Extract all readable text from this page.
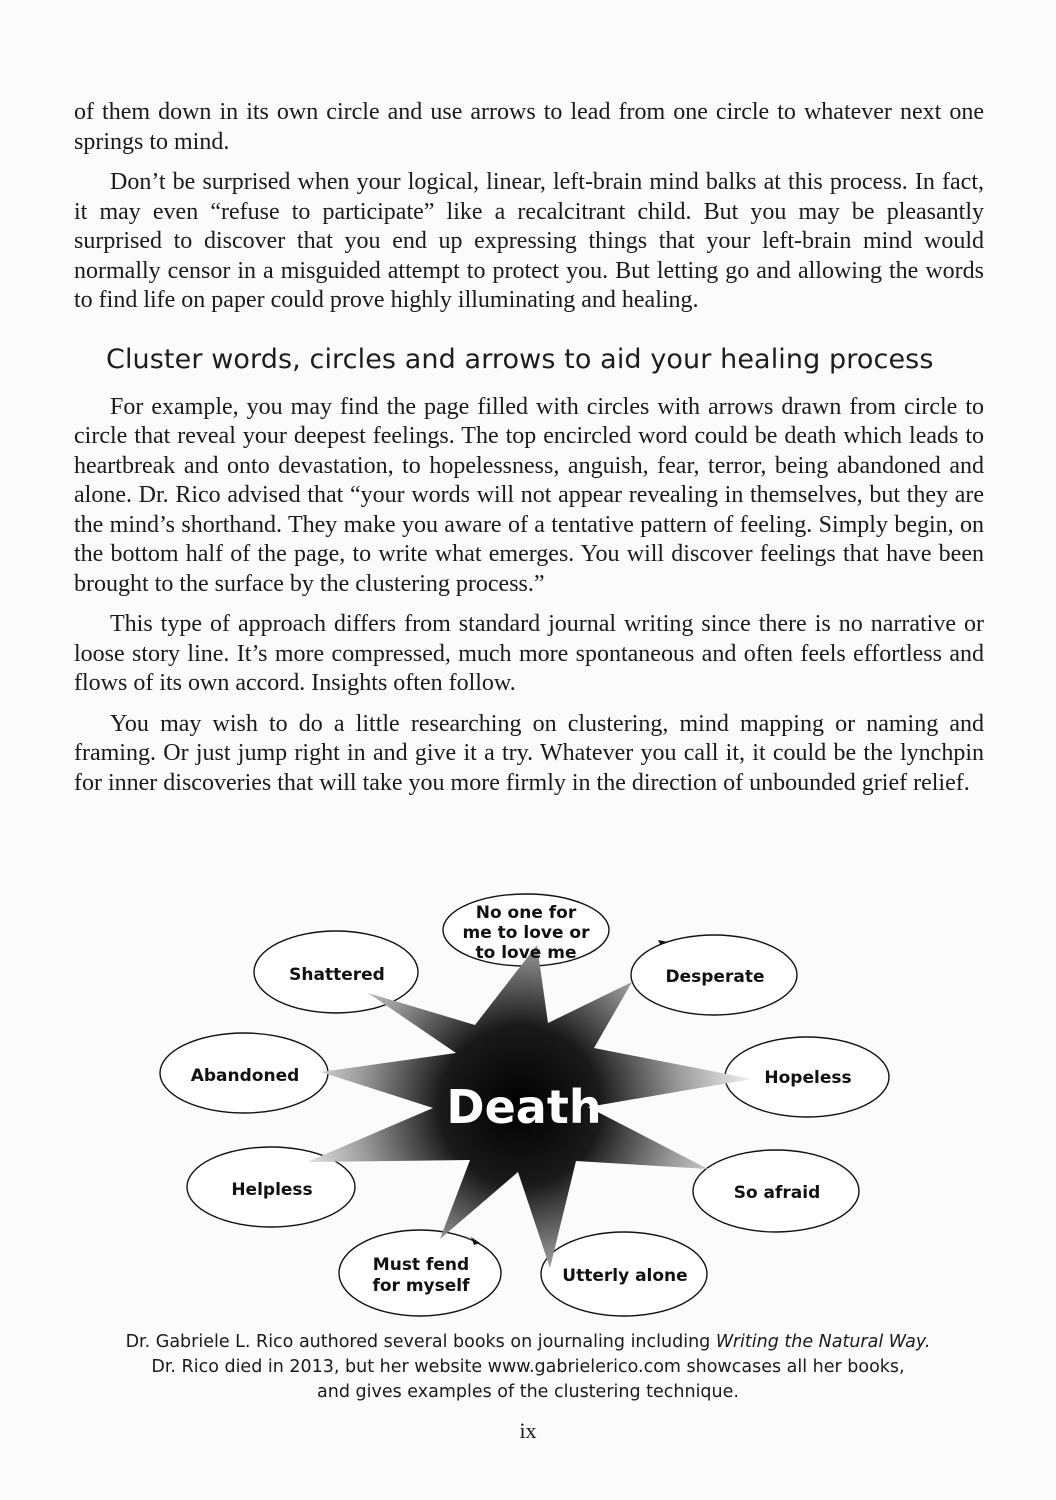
of them down in its own circle and use arrows to lead from one circle to whatever next one springs to mind.

Don’t be surprised when your logical, linear, left-brain mind balks at this process. In fact, it may even “refuse to participate” like a recalcitrant child. But you may be pleasantly surprised to discover that you end up expressing things that your left-brain mind would normally censor in a misguided attempt to protect you. But letting go and allowing the words to find life on paper could prove highly illuminating and healing.

Cluster words, circles and arrows to aid your healing process

For example, you may find the page filled with circles with arrows drawn from circle to circle that reveal your deepest feelings. The top encircled word could be death which leads to heartbreak and onto devastation, to hopelessness, anguish, fear, terror, being abandoned and alone. Dr. Rico advised that “your words will not appear revealing in themselves, but they are the mind’s shorthand. They make you aware of a tentative pattern of feeling. Simply begin, on the bottom half of the page, to write what emerges. You will discover feelings that have been brought to the surface by the clustering process.”

This type of approach differs from standard journal writing since there is no narrative or loose story line. It’s more compressed, much more spontaneous and often feels effortless and flows of its own accord. Insights often follow.

You may wish to do a little researching on clustering, mind mapping or naming and framing. Or just jump right in and give it a try. Whatever you call it, it could be the lynchpin for inner discoveries that will take you more firmly in the direction of unbounded grief relief.

Death
No one for
me to love or
to love me
Shattered	Desperate
Abandoned	Hopeless
Helpless	So afraid
Must fend
for myself	Utterly alone
Dr. Gabriele L. Rico authored several books on journaling including Writing the Natural Way.
Dr. Rico died in 2013, but her website www.gabrielerico.com showcases all her books,
and gives examples of the clustering technique.
ix
